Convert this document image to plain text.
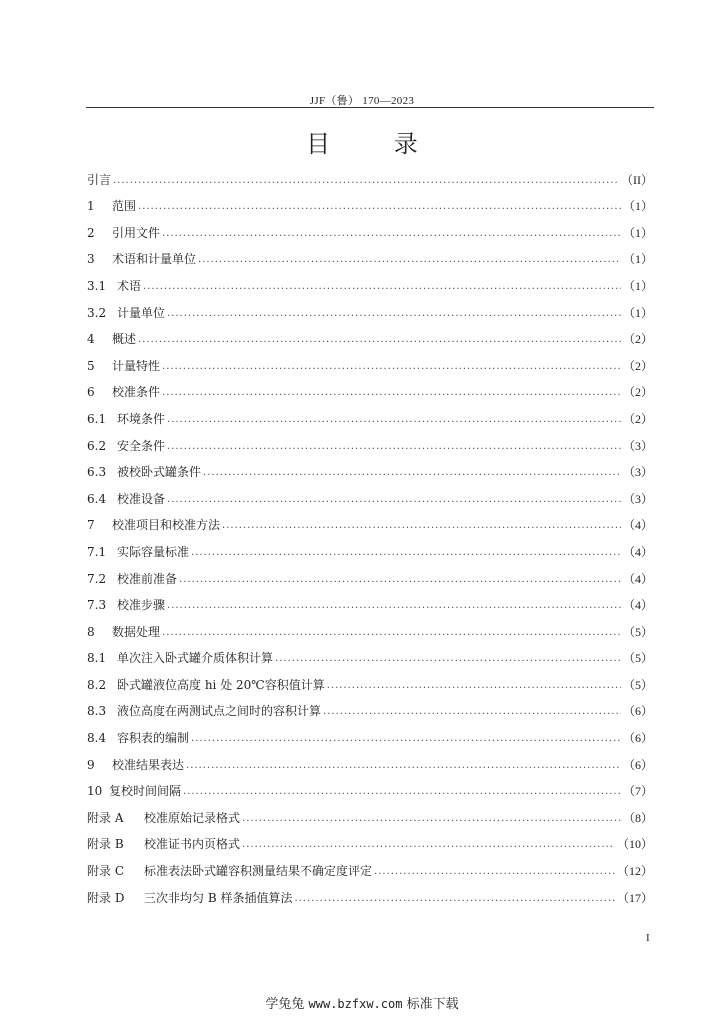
JJF（鲁） 170—2023
目 录
引言 .....	（II）
1	范围 .....	（1）
2	引用文件 .....	（1）
3	术语和计量单位 .....	（1）
3.1 术语 .....	（1）
3.2 计量单位 .....	（1）
4	概述 .....	（2）
5	计量特性 .....	（2）
6	校准条件 .....	（2）
6.1 环境条件 .....	（2）
6.2 安全条件 .....	（3）
6.3 被校卧式罐条件 .....	（3）
6.4 校准设备 .....	（3）
7	校准项目和校准方法 .....	（4）
7.1 实际容量标准 .....	（4）
7.2 校准前准备 .....	（4）
7.3 校准步骤 .....	（4）
8	数据处理 .....	（5）
8.1 单次注入卧式罐介质体积计算 .....	（5）
8.2 卧式罐液位高度 hi 处 20℃容积值计算 .....	（5）
8.3 液位高度在两测试点之间时的容积计算 .....	（6）
8.4 容积表的编制 .....	（6）
9	校准结果表达 .....	（6）
10 复校时间间隔 .....	（7）
附录 A	校准原始记录格式 .....	（8）
附录 B	校准证书内页格式 .....	（10）
附录 C	标准表法卧式罐容积测量结果不确定度评定 .....	（12）
附录 D	三次非均匀 B 样条插值算法 .....	（17）
I
学兔兔 www.bzfxw.com 标准下载
